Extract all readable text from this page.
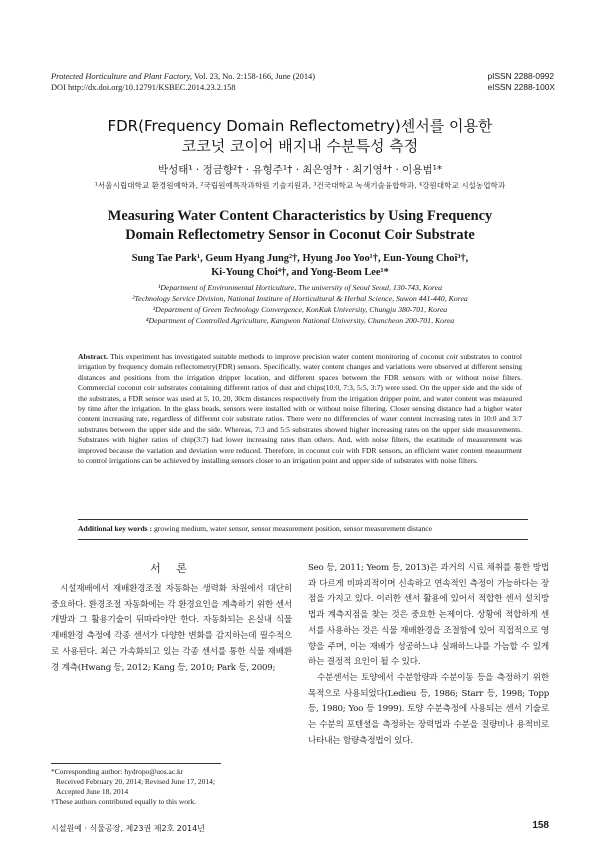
Protected Horticulture and Plant Factory, Vol. 23, No. 2:158-166, June (2014)
DOI http://dx.doi.org/10.12791/KSBEC.2014.23.2.158
pISSN 2288-0992
eISSN 2288-100X
FDR(Frequency Domain Reflectometry)센서를 이용한
코코넛 코이어 배지내 수분특성 측정
박성태¹ · 정금향²† · 유형주¹† · 최은영³† · 최기영⁴† · 이용범¹*
¹서울시립대학교 환경원예학과, ²국립원예특작과학원 기술지원과, ³건국대학교 녹색기술융합학과, ⁴강원대학교 시설농업학과
Measuring Water Content Characteristics by Using Frequency
Domain Reflectometry Sensor in Coconut Coir Substrate
Sung Tae Park¹, Geum Hyang Jung²†, Hyung Joo Yoo¹†, Eun-Young Choi³†,
Ki-Young Choi⁴†, and Yong-Beom Lee¹*
¹Department of Environmental Horticulture, The university of Seoul Seoul, 130-743, Korea
²Technology Service Division, National Institure of Horticultural & Herbal Science, Suwon 441-440, Korea
³Department of Green Technology Convergence, KonKuk University, Chungju 380-701, Korea
⁴Department of Controlled Agriculture, Kangwon National University, Chuncheon 200-701, Korea
Abstract. This experiment has investigated suitable methods to improve precision water content monitoring of coconut coir substrates to control irrigation by frequency domain reflectometry(FDR) sensors. Specifically, water content changes and variations were observed at different sensing distances and positions from the irrigation dripper location, and different spaces between the FDR sensors with or without noise filters. Commercial coconut coir substrates containing different ratios of dust and chips(10:0, 7:3, 5:5, 3:7) were used. On the upper side and the side of the substrates, a FDR sensor was used at 5, 10, 20, 30cm distances respectively from the irrigation dripper point, and water content was measured by time after the irrigation. In the glass beads, sensors were installed with or without noise filtering. Closer sensing distance had a higher water content increasing rate, regardless of different coir substrate ratios. There were no differencies of water content increasing rates in 10:0 and 3:7 substrates between the upper side and the side. Whereas, 7:3 and 5:5 substrates showed higher increasing rates on the upper side measurements. Substrates with higher ratios of chip(3:7) had lower increasing rates than others. And, with noise filters, the exatitude of measurement was improved because the variation and deviation were reduced. Therefore, in coconut coir with FDR sensors, an efficient water content measurment to control irrigations can be achieved by installing sensors closer to an irrigation point and upper side of substrates with noise filters.
Additional key words : growing medium, water sensor, sensor measurement position, sensor measurement distance
서 론

시설재배에서 재배환경조절 자동화는 생력화 차원에서 대단히 중요하다. 환경조절 자동화에는 각 환경요인을 계측하기 위한 센서개발과 그 활용기술이 뒤따라야만 한다. 자동화되는 온실내 식물 재배환경 측정에 각종 센서가 다양한 변화를 감지하는데 필수적으로 사용된다. 최근 가속화되고 있는 각종 센서를 통한 식물 재배환경 계측(Hwang 등, 2012; Kang 등, 2010; Park 등, 2009;

Seo 등, 2011; Yeom 등, 2013)은 과거의 시료 채취를 통한 방법과 다르게 비파괴적이며 신속하고 연속적인 측정이 가능하다는 장점을 가지고 있다. 이러한 센서 활용에 있어서 적합한 센서 설치방법과 계측지점을 찾는 것은 중요한 논제이다. 상황에 적합하게 센서를 사용하는 것은 식물 재배환경을 조절함에 있어 직접적으로 영향을 주며, 이는 재배가 성공하느냐 실패하느냐를 가늠할 수 있게 하는 결정적 요인이 될 수 있다.

수분센서는 토양에서 수분함량과 수분이동 등을 측정하기 위한 목적으로 사용되었다(Ledieu 등, 1986; Starr 등, 1998; Topp 등, 1980; Yoo 등 1999). 토양 수분측정에 사용되는 센서 기술로는 수분의 포텐셜을 측정하는 장력법과 수분을 질량비나 용적비로 나타내는 함량측정법이 있다.

*Corresponding author: hydropo@uos.ac.kr
Received February 20, 2014; Revised June 17, 2014;
Accepted June 18, 2014
†These authors contributed equally to this work.
시설원예 · 식물공장, 제23권 제2호 2014년	158
